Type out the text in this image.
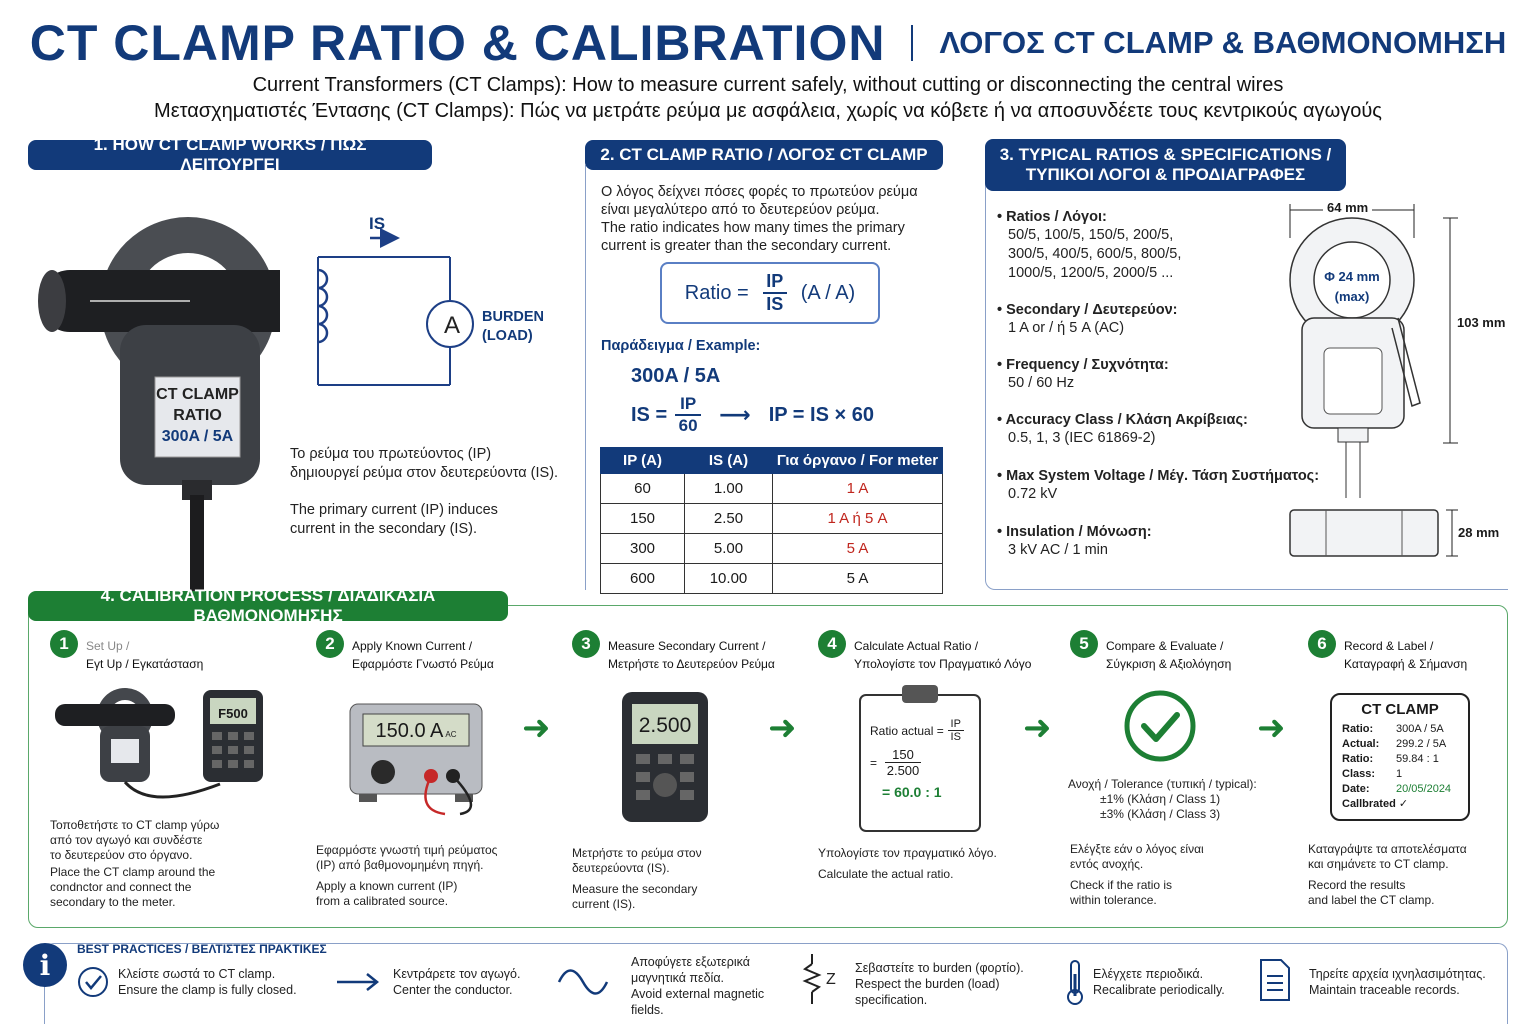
CT CLAMP RATIO & CALIBRATION ΛΟΓΟΣ CT CLAMP & ΒΑΘΜΟΝΟΜΗΣΗ
Current Transformers (CT Clamps): How to measure current safely, without cutting or disconnecting the central wires
Μετασχηματιστές Έντασης (CT Clamps): Πώς να μετράτε ρεύμα με ασφάλεια, χωρίς να κόβετε ή να αποσυνδέετε τους κεντρικούς αγωγούς
1. HOW CT CLAMP WORKS / ΠΩΣ ΛΕΙΤΟΥΡΓΕΙ
CT CLAMP
RATIO
300A / 5A
IS
A BURDEN
(LOAD)
Το ρεύμα του πρωτεύοντος (IP)
δημιουργεί ρεύμα στον δευτερεύοντα (IS).
The primary current (IP) induces
current in the secondary (IS).
2. CT CLAMP RATIO / ΛΟΓΟΣ CT CLAMP
Ο λόγος δείχνει πόσες φορές το πρωτεύον ρεύμα
είναι μεγαλύτερο από το δευτερεύον ρεύμα.
The ratio indicates how many times the primary
current is greater than the secondary current.
Ratio =
IP
IS
(A / A)
Παράδειγμα / Example:
300A / 5A
IS = IP
60 ⟶ IP = IS × 60
IP (A)	IS (A)	Για όργανο / For meter
60	1.00	1 A
150	2.50	1 A ή 5 A
300	5.00	5 A
600	10.00	5 A
3. TYPICAL RATIOS & SPECIFICATIONS /
ΤΥΠΙΚΟΙ ΛΟΓΟΙ & ΠΡΟΔΙΑΓΡΑΦΕΣ
• Ratios / Λόγοι:
50/5, 100/5, 150/5, 200/5,
300/5, 400/5, 600/5, 800/5,
1000/5, 1200/5, 2000/5 ...
• Secondary / Δευτερεύον:
1 A or / ή 5 A (AC)
• Frequency / Συχνότητα:
50 / 60 Hz
• Accuracy Class / Κλάση Ακρίβειας:
0.5, 1, 3 (IEC 61869-2)
• Max System Voltage / Μέγ. Τάση Συστήματος:
0.72 kV
• Insulation / Μόνωση:
3 kV AC / 1 min
64 mm
103 mm
Φ 24 mm
(max)
28 mm
4. CALIBRATION PROCESS / ΔΙΑΔΙΚΑΣΙΑ ΒΑΘΜΟΝΟΜΗΣΗΣ
1	Set Up /
Εγt Up / Εγκατάσταση
Τοποθετήστε το CT clamp γύρω
από τον αγωγό και συνδέστε
το δευτερεύον στο όργανο.
Place the CT clamp around the
condnctor and connect the
secondary to the meter.
2	Apply Known Current /
Εφαρμόστε Γνωστό Ρεύμα
Εφαρμόστε γνωστή τιμή ρεύματος
(IP) από βαθμονομημένη πηγή.
Apply a known current (IP)
from a calibrated source.
3	Measure Secondary Current /
Μετρήστε το Δευτερεύον Ρεύμα
Μετρήστε το ρεύμα στον
δευτερεύοντα (IS).
Measure the secondary
current (IS).
4	Calculate Actual Ratio /
Υπολογίστε τον Πραγματικό Λόγο
Υπολογίστε τον πραγματικό λόγο.
Calculate the actual ratio.
5	Compare & Evaluate /
Σύγκριση & Αξιολόγηση
Ελέγξτε εάν ο λόγος είναι
εντός ανοχής.
Check if the ratio is
within tolerance.
6	Record & Label /
Καταγραφή & Σήμανση
Καταγράψτε τα αποτελέσματα
και σημάνετε το CT clamp.
Record the results
and label the CT clamp.
F500
150.0 A AC	2.500	Ratio actual = IP
IS
=
150
2.500
= 60.0 : 1	Ανοχή / Tolerance (τυπική / typical):
±1% (Κλάση / Class 1)
±3% (Κλάση / Class 3)
CT CLAMP
Ratio:	300A / 5A
Actual:	299.2 / 5A
Ratio:	59.84 : 1
Class:	1
Date:	20/05/2024
Callbrated ✓
➜	➜	➜	➜
i	BEST PRACTICES / ΒΕΛΤΙΣΤΕΣ ΠΡΑΚΤΙΚΕΣ
Κλείστε σωστά το CT clamp.
Ensure the clamp is fully closed.
Κεντράρετε τον αγωγό.
Center the conductor.
Αποφύγετε εξωτερικά μαγνητικά πεδία.
Avoid external magnetic fields.
Z
Σεβαστείτε το burden (φορτίο).
Respect the burden (load) specification.
Ελέγχετε περιοδικά.
Recalibrate periodically.
Τηρείτε αρχεία ιχνηλασιμότητας.
Maintain traceable records.
